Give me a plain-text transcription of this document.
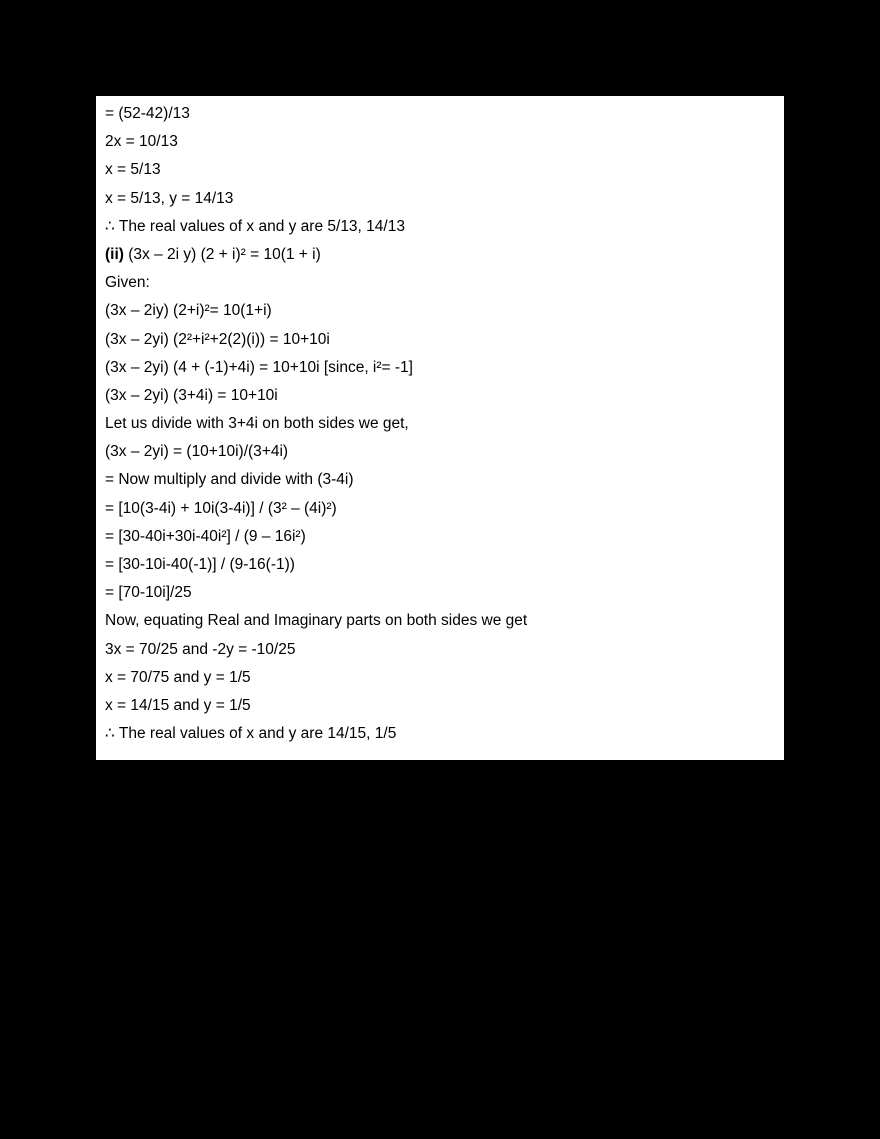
= (52-42)/13
2x = 10/13
x = 5/13
x = 5/13, y = 14/13
∴ The real values of x and y are 5/13, 14/13
(ii) (3x – 2i y) (2 + i)² = 10(1 + i)
Given:
(3x – 2iy) (2+i)²= 10(1+i)
(3x – 2yi) (2²+i²+2(2)(i)) = 10+10i
(3x – 2yi) (4 + (-1)+4i) = 10+10i [since, i²= -1]
(3x – 2yi) (3+4i) = 10+10i
Let us divide with 3+4i on both sides we get,
(3x – 2yi) = (10+10i)/(3+4i)
= Now multiply and divide with (3-4i)
= [10(3-4i) + 10i(3-4i)] / (3² – (4i)²)
= [30-40i+30i-40i²] / (9 – 16i²)
= [30-10i-40(-1)] / (9-16(-1))
= [70-10i]/25
Now, equating Real and Imaginary parts on both sides we get
3x = 70/25 and -2y = -10/25
x = 70/75 and y = 1/5
x = 14/15 and y = 1/5
∴ The real values of x and y are 14/15, 1/5
